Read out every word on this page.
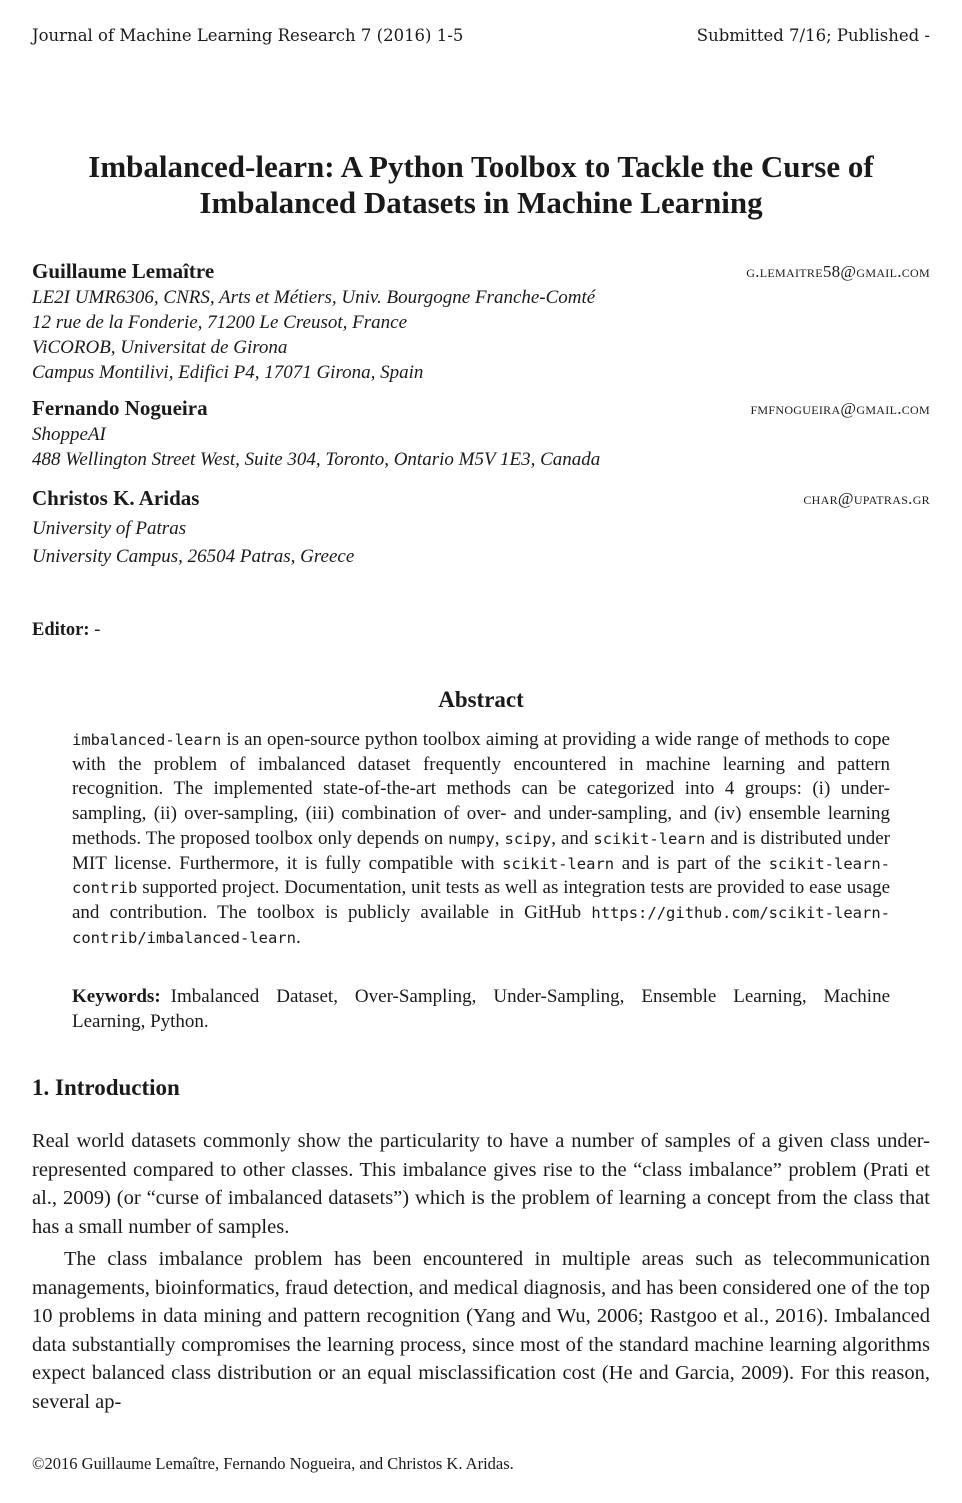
Journal of Machine Learning Research 7 (2016) 1-5	Submitted 7/16; Published -
Imbalanced-learn: A Python Toolbox to Tackle the Curse of
Imbalanced Datasets in Machine Learning
Guillaume Lemaître	g.lemaitre58@gmail.com
LE2I UMR6306, CNRS, Arts et Métiers, Univ. Bourgogne Franche-Comté
12 rue de la Fonderie, 71200 Le Creusot, France
ViCOROB, Universitat de Girona
Campus Montilivi, Edifici P4, 17071 Girona, Spain
Fernando Nogueira	fmfnogueira@gmail.com
ShoppeAI
488 Wellington Street West, Suite 304, Toronto, Ontario M5V 1E3, Canada
Christos K. Aridas	char@upatras.gr
University of Patras
University Campus, 26504 Patras, Greece
Editor: -
Abstract
imbalanced-learn is an open-source python toolbox aiming at providing a wide range of methods to cope with the problem of imbalanced dataset frequently encountered in machine learning and pattern recognition. The implemented state-of-the-art methods can be categorized into 4 groups: (i) under-sampling, (ii) over-sampling, (iii) combination of over- and under-sampling, and (iv) ensemble learning methods. The proposed toolbox only depends on numpy, scipy, and scikit-learn and is distributed under MIT license. Furthermore, it is fully compatible with scikit-learn and is part of the scikit-learn-contrib supported project. Documentation, unit tests as well as integration tests are provided to ease usage and contribution. The toolbox is publicly available in GitHub https://github.com/scikit-learn-contrib/imbalanced-learn.
Keywords: Imbalanced Dataset, Over-Sampling, Under-Sampling, Ensemble Learning, Machine Learning, Python.
1. Introduction
Real world datasets commonly show the particularity to have a number of samples of a given class under-represented compared to other classes. This imbalance gives rise to the “class imbalance” problem (Prati et al., 2009) (or “curse of imbalanced datasets”) which is the problem of learning a concept from the class that has a small number of samples.
The class imbalance problem has been encountered in multiple areas such as telecommunication managements, bioinformatics, fraud detection, and medical diagnosis, and has been considered one of the top 10 problems in data mining and pattern recognition (Yang and Wu, 2006; Rastgoo et al., 2016). Imbalanced data substantially compromises the learning process, since most of the standard machine learning algorithms expect balanced class distribution or an equal misclassification cost (He and Garcia, 2009). For this reason, several ap-
©2016 Guillaume Lemaître, Fernando Nogueira, and Christos K. Aridas.
